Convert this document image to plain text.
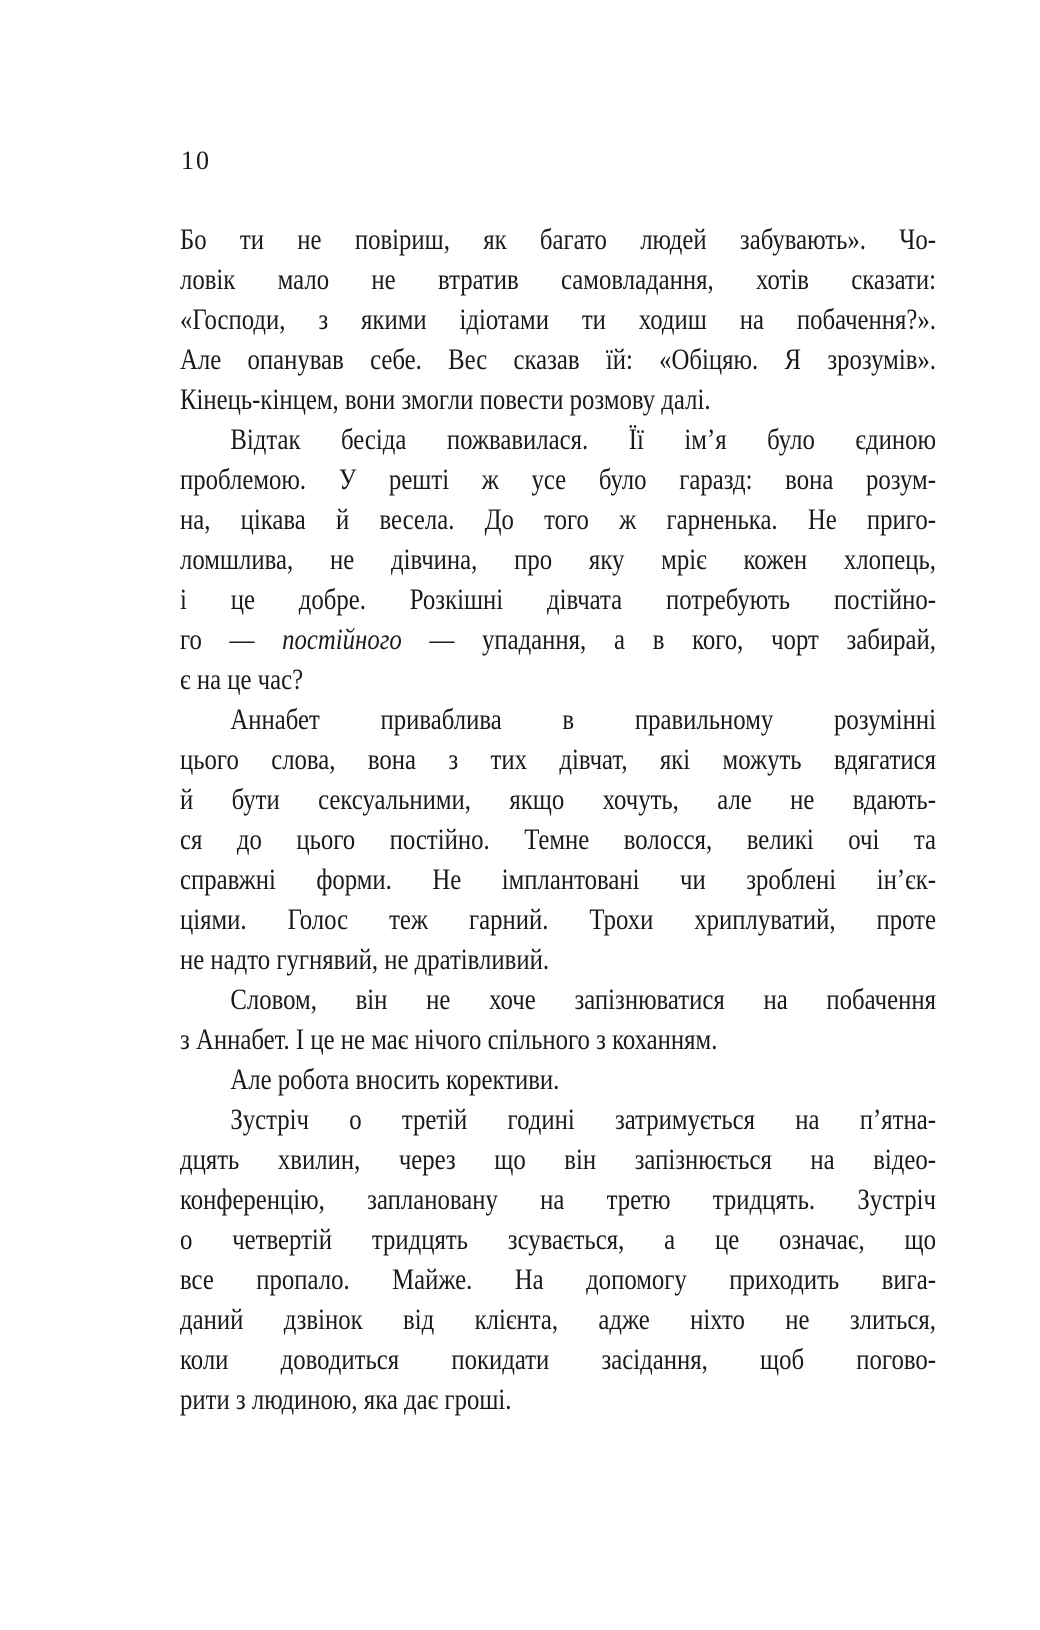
10
Бо ти не повіриш, як багато людей забувають». Чо-
ловік мало не втратив самовладання, хотів сказати:
«Господи, з якими ідіотами ти ходиш на побачення?».
Але опанував себе. Вес сказав їй: «Обіцяю. Я зрозумів».
Кінець-кінцем, вони змогли повести розмову далі.
Відтак бесіда пожвавилася. Її ім’я було єдиною
проблемою. У решті ж усе було гаразд: вона розум-
на, цікава й весела. До того ж гарненька. Не приго-
ломшлива, не дівчина, про яку мріє кожен хлопець,
і це добре. Розкішні дівчата потребують постійно-
го — постійного — упадання, а в кого, чорт забирай,
є на це час?
Аннабет приваблива в правильному розумінні
цього слова, вона з тих дівчат, які можуть вдягатися
й бути сексуальними, якщо хочуть, але не вдають-
ся до цього постійно. Темне волосся, великі очі та
справжні форми. Не імплантовані чи зроблені ін’єк-
ціями. Голос теж гарний. Трохи хриплуватий, проте
не надто гугнявий, не дратівливий.
Словом, він не хоче запізнюватися на побачення
з Аннабет. І це не має нічого спільного з коханням.
Але робота вносить корективи.
Зустріч о третій годині затримується на п’ятна-
дцять хвилин, через що він запізнюється на відео-
конференцію, заплановану на третю тридцять. Зустріч
о четвертій тридцять зсувається, а це означає, що
все пропало. Майже. На допомогу приходить вига-
даний дзвінок від клієнта, адже ніхто не злиться,
коли доводиться покидати засідання, щоб погово-
рити з людиною, яка дає гроші.
